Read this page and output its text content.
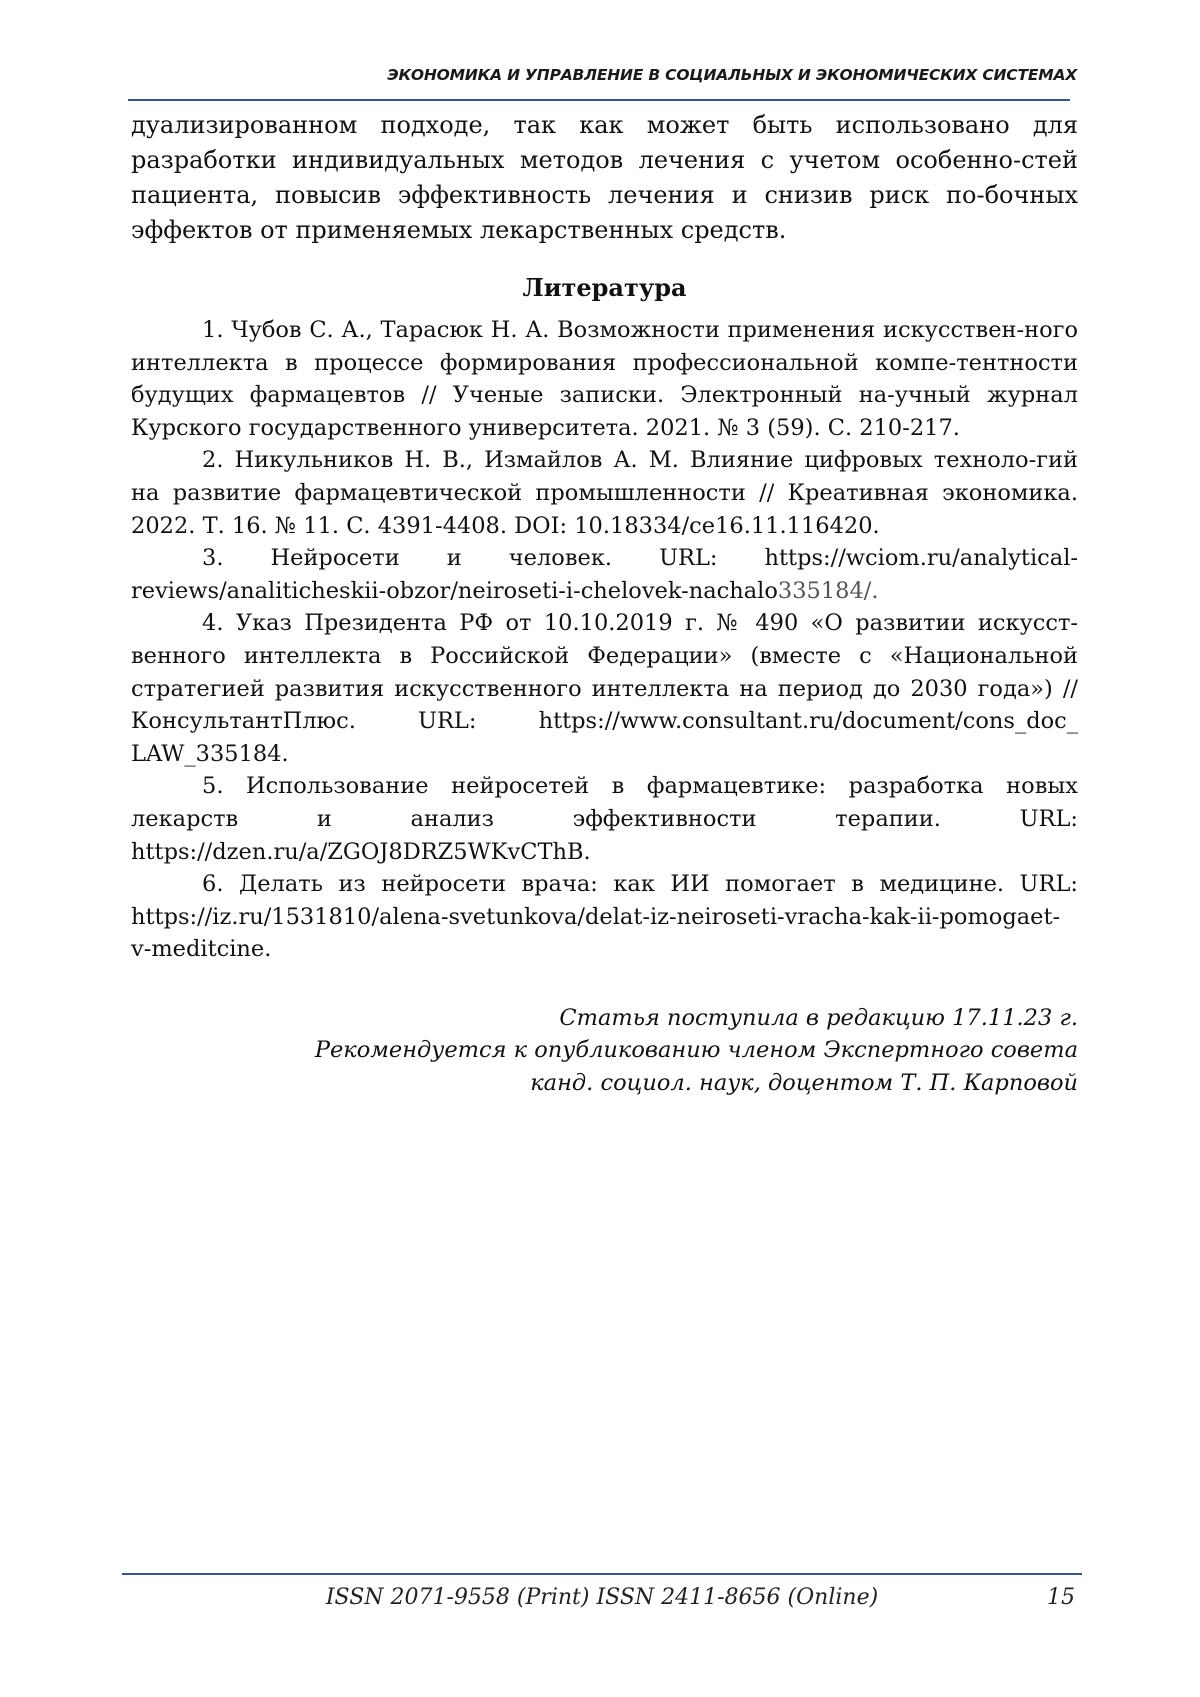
ЭКОНОМИКА И УПРАВЛЕНИЕ В СОЦИАЛЬНЫХ И ЭКОНОМИЧЕСКИХ СИСТЕМАХ

дуализированном подходе, так как может быть использовано для разработки индивидуальных методов лечения с учетом особенно-стей пациента, повысив эффективность лечения и снизив риск по-бочных эффектов от применяемых лекарственных средств.

Литература

1. Чубов С. А., Тарасюк Н. А. Возможности применения искусствен-ного интеллекта в процессе формирования профессиональной компе-тентности будущих фармацевтов // Ученые записки. Электронный на-учный журнал Курского государственного университета. 2021. № 3 (59). С. 210-217.

2. Никульников Н. В., Измайлов А. М. Влияние цифровых техноло-гий на развитие фармацевтической промышленности // Креативная экономика. 2022. Т. 16. № 11. С. 4391-4408. DOI: 10.18334/ce16.11.116420.

3. Нейросети и человек. URL: https://wciom.ru/analytical-reviews/analiticheskii-obzor/neiroseti-i-chelovek-nachalo335184/.

4. Указ Президента РФ от 10.10.2019 г. № 490 «О развитии искусст-венного интеллекта в Российской Федерации» (вместе с «Национальной стратегией развития искусственного интеллекта на период до 2030 года») // КонсультантПлюс. URL: https://www.consultant.ru/document/cons_doc_ LAW_335184.

5. Использование нейросетей в фармацевтике: разработка новых лекарств и анализ эффективности терапии. URL: https://dzen.ru/a/ZGOJ8DRZ5WKvCThB.

6. Делать из нейросети врача: как ИИ помогает в медицине. URL: https://iz.ru/1531810/alena-svetunkova/delat-iz-neiroseti-vracha-kak-ii-pomogaet-v-meditcine.

Статья поступила в редакцию 17.11.23 г.
Рекомендуется к опубликованию членом Экспертного совета
канд. социол. наук, доцентом Т. П. Карповой
ISSN 2071-9558 (Print) ISSN 2411-8656 (Online)	15
